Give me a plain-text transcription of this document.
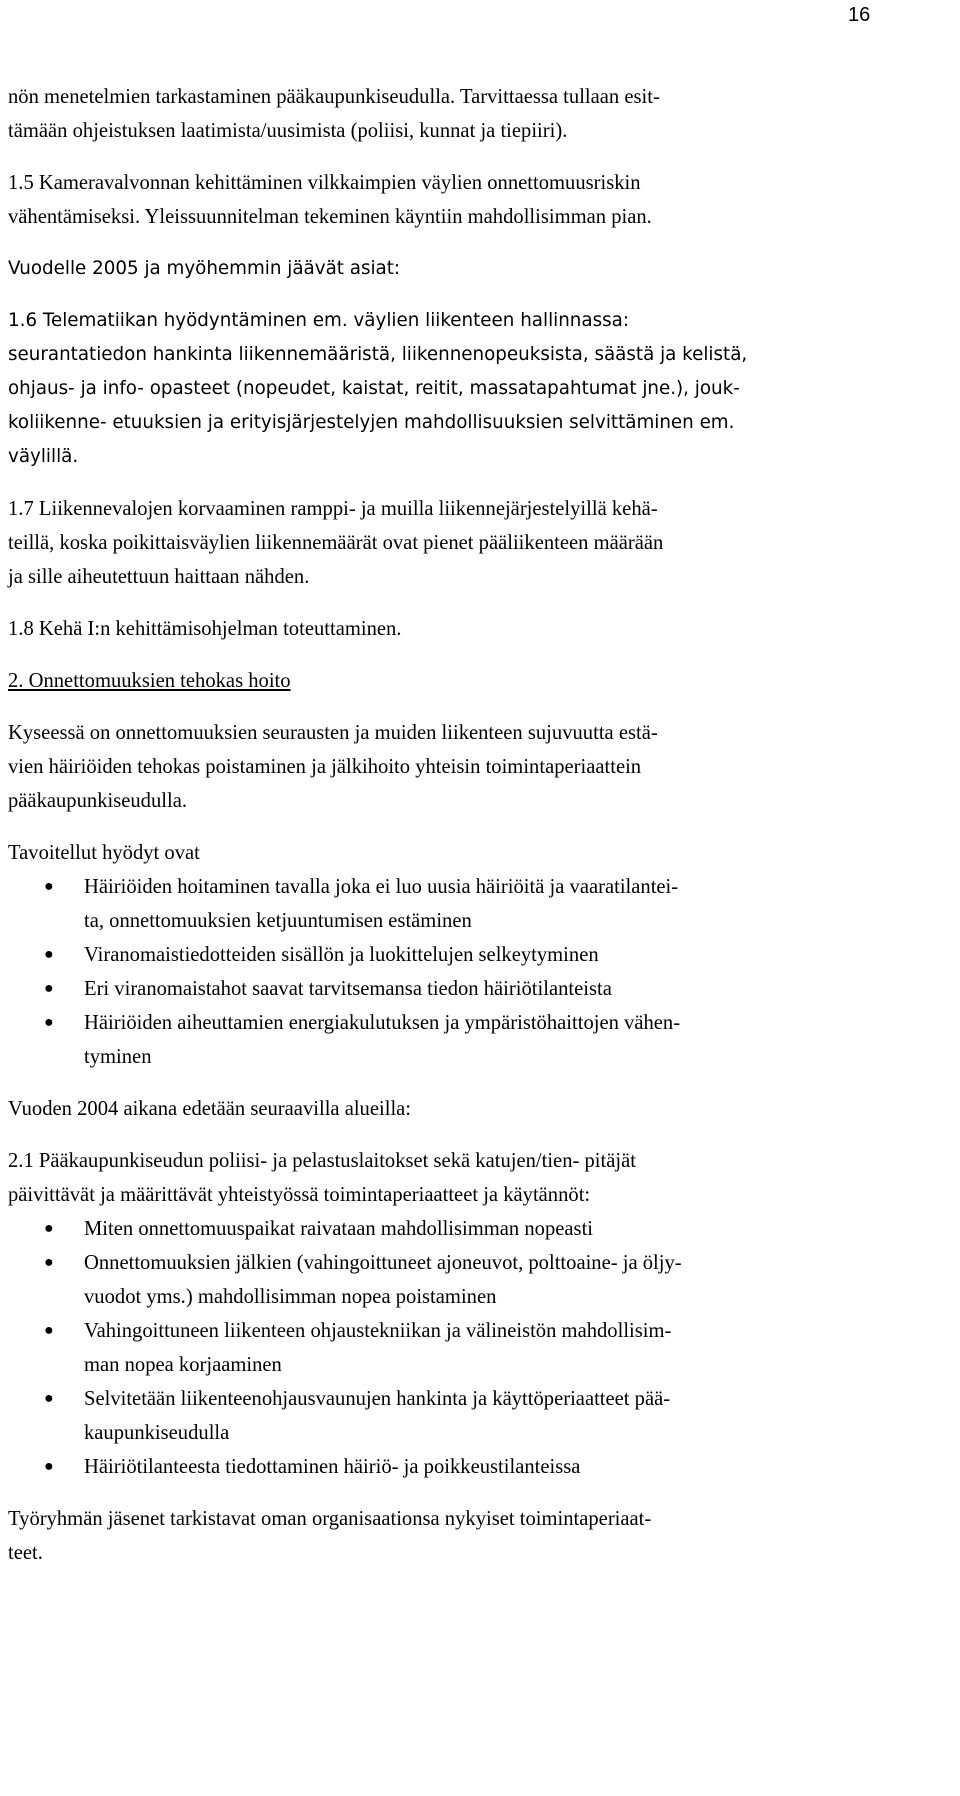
16
nön menetelmien tarkastaminen pääkaupunkiseudulla. Tarvittaessa tullaan esit-
tämään ohjeistuksen laatimista/uusimista (poliisi, kunnat ja tiepiiri).
1.5 Kameravalvonnan kehittäminen vilkkaimpien väylien onnettomuusriskin
vähentämiseksi. Yleissuunnitelman tekeminen käyntiin mahdollisimman pian.
Vuodelle 2005 ja myöhemmin jäävät asiat:
1.6 Telematiikan hyödyntäminen em. väylien liikenteen hallinnassa:
seurantatiedon hankinta liikennemääristä, liikennenopeuksista, säästä ja kelistä,
ohjaus- ja info- opasteet (nopeudet, kaistat, reitit, massatapahtumat jne.), jouk-
koliikenne- etuuksien ja erityisjärjestelyjen mahdollisuuksien selvittäminen em.
väylillä.
1.7 Liikennevalojen korvaaminen ramppi- ja muilla liikennejärjestelyillä kehä-
teillä, koska poikittaisväylien liikennemäärät ovat pienet pääliikenteen määrään
ja sille aiheutettuun haittaan nähden.
1.8 Kehä I:n kehittämisohjelman toteuttaminen.
2. Onnettomuuksien tehokas hoito
Kyseessä on onnettomuuksien seurausten ja muiden liikenteen sujuvuutta estä-
vien häiriöiden tehokas poistaminen ja jälkihoito yhteisin toimintaperiaattein
pääkaupunkiseudulla.
Tavoitellut hyödyt ovat
● Häiriöiden hoitaminen tavalla joka ei luo uusia häiriöitä ja vaaratilantei-
ta, onnettomuuksien ketjuuntumisen estäminen
● Viranomaistiedotteiden sisällön ja luokittelujen selkeytyminen
● Eri viranomaistahot saavat tarvitsemansa tiedon häiriötilanteista
● Häiriöiden aiheuttamien energiakulutuksen ja ympäristöhaittojen vähen-
tyminen
Vuoden 2004 aikana edetään seuraavilla alueilla:
2.1 Pääkaupunkiseudun poliisi- ja pelastuslaitokset sekä katujen/tien- pitäjät
päivittävät ja määrittävät yhteistyössä toimintaperiaatteet ja käytännöt:
● Miten onnettomuuspaikat raivataan mahdollisimman nopeasti
● Onnettomuuksien jälkien (vahingoittuneet ajoneuvot, polttoaine- ja öljy-
vuodot yms.) mahdollisimman nopea poistaminen
● Vahingoittuneen liikenteen ohjaustekniikan ja välineistön mahdollisim-
man nopea korjaaminen
● Selvitetään liikenteenohjausvaunujen hankinta ja käyttöperiaatteet pää-
kaupunkiseudulla
● Häiriötilanteesta tiedottaminen häiriö- ja poikkeustilanteissa
Työryhmän jäsenet tarkistavat oman organisaationsa nykyiset toimintaperiaat-
teet.
